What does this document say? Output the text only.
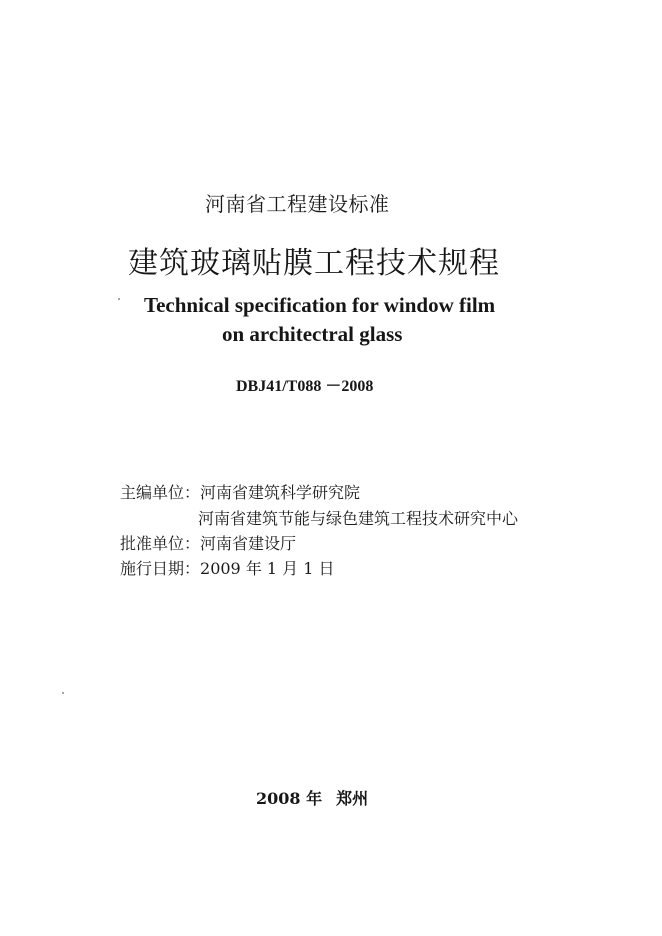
河南省工程建设标准
建筑玻璃贴膜工程技术规程
Technical specification for window film
on architectral glass
DBJ41/T088 －2008
主编单位：河南省建筑科学研究院
河南省建筑节能与绿色建筑工程技术研究中心
批准单位：河南省建设厅
施行日期：2009 年 1 月 1 日
2008 年 郑州
